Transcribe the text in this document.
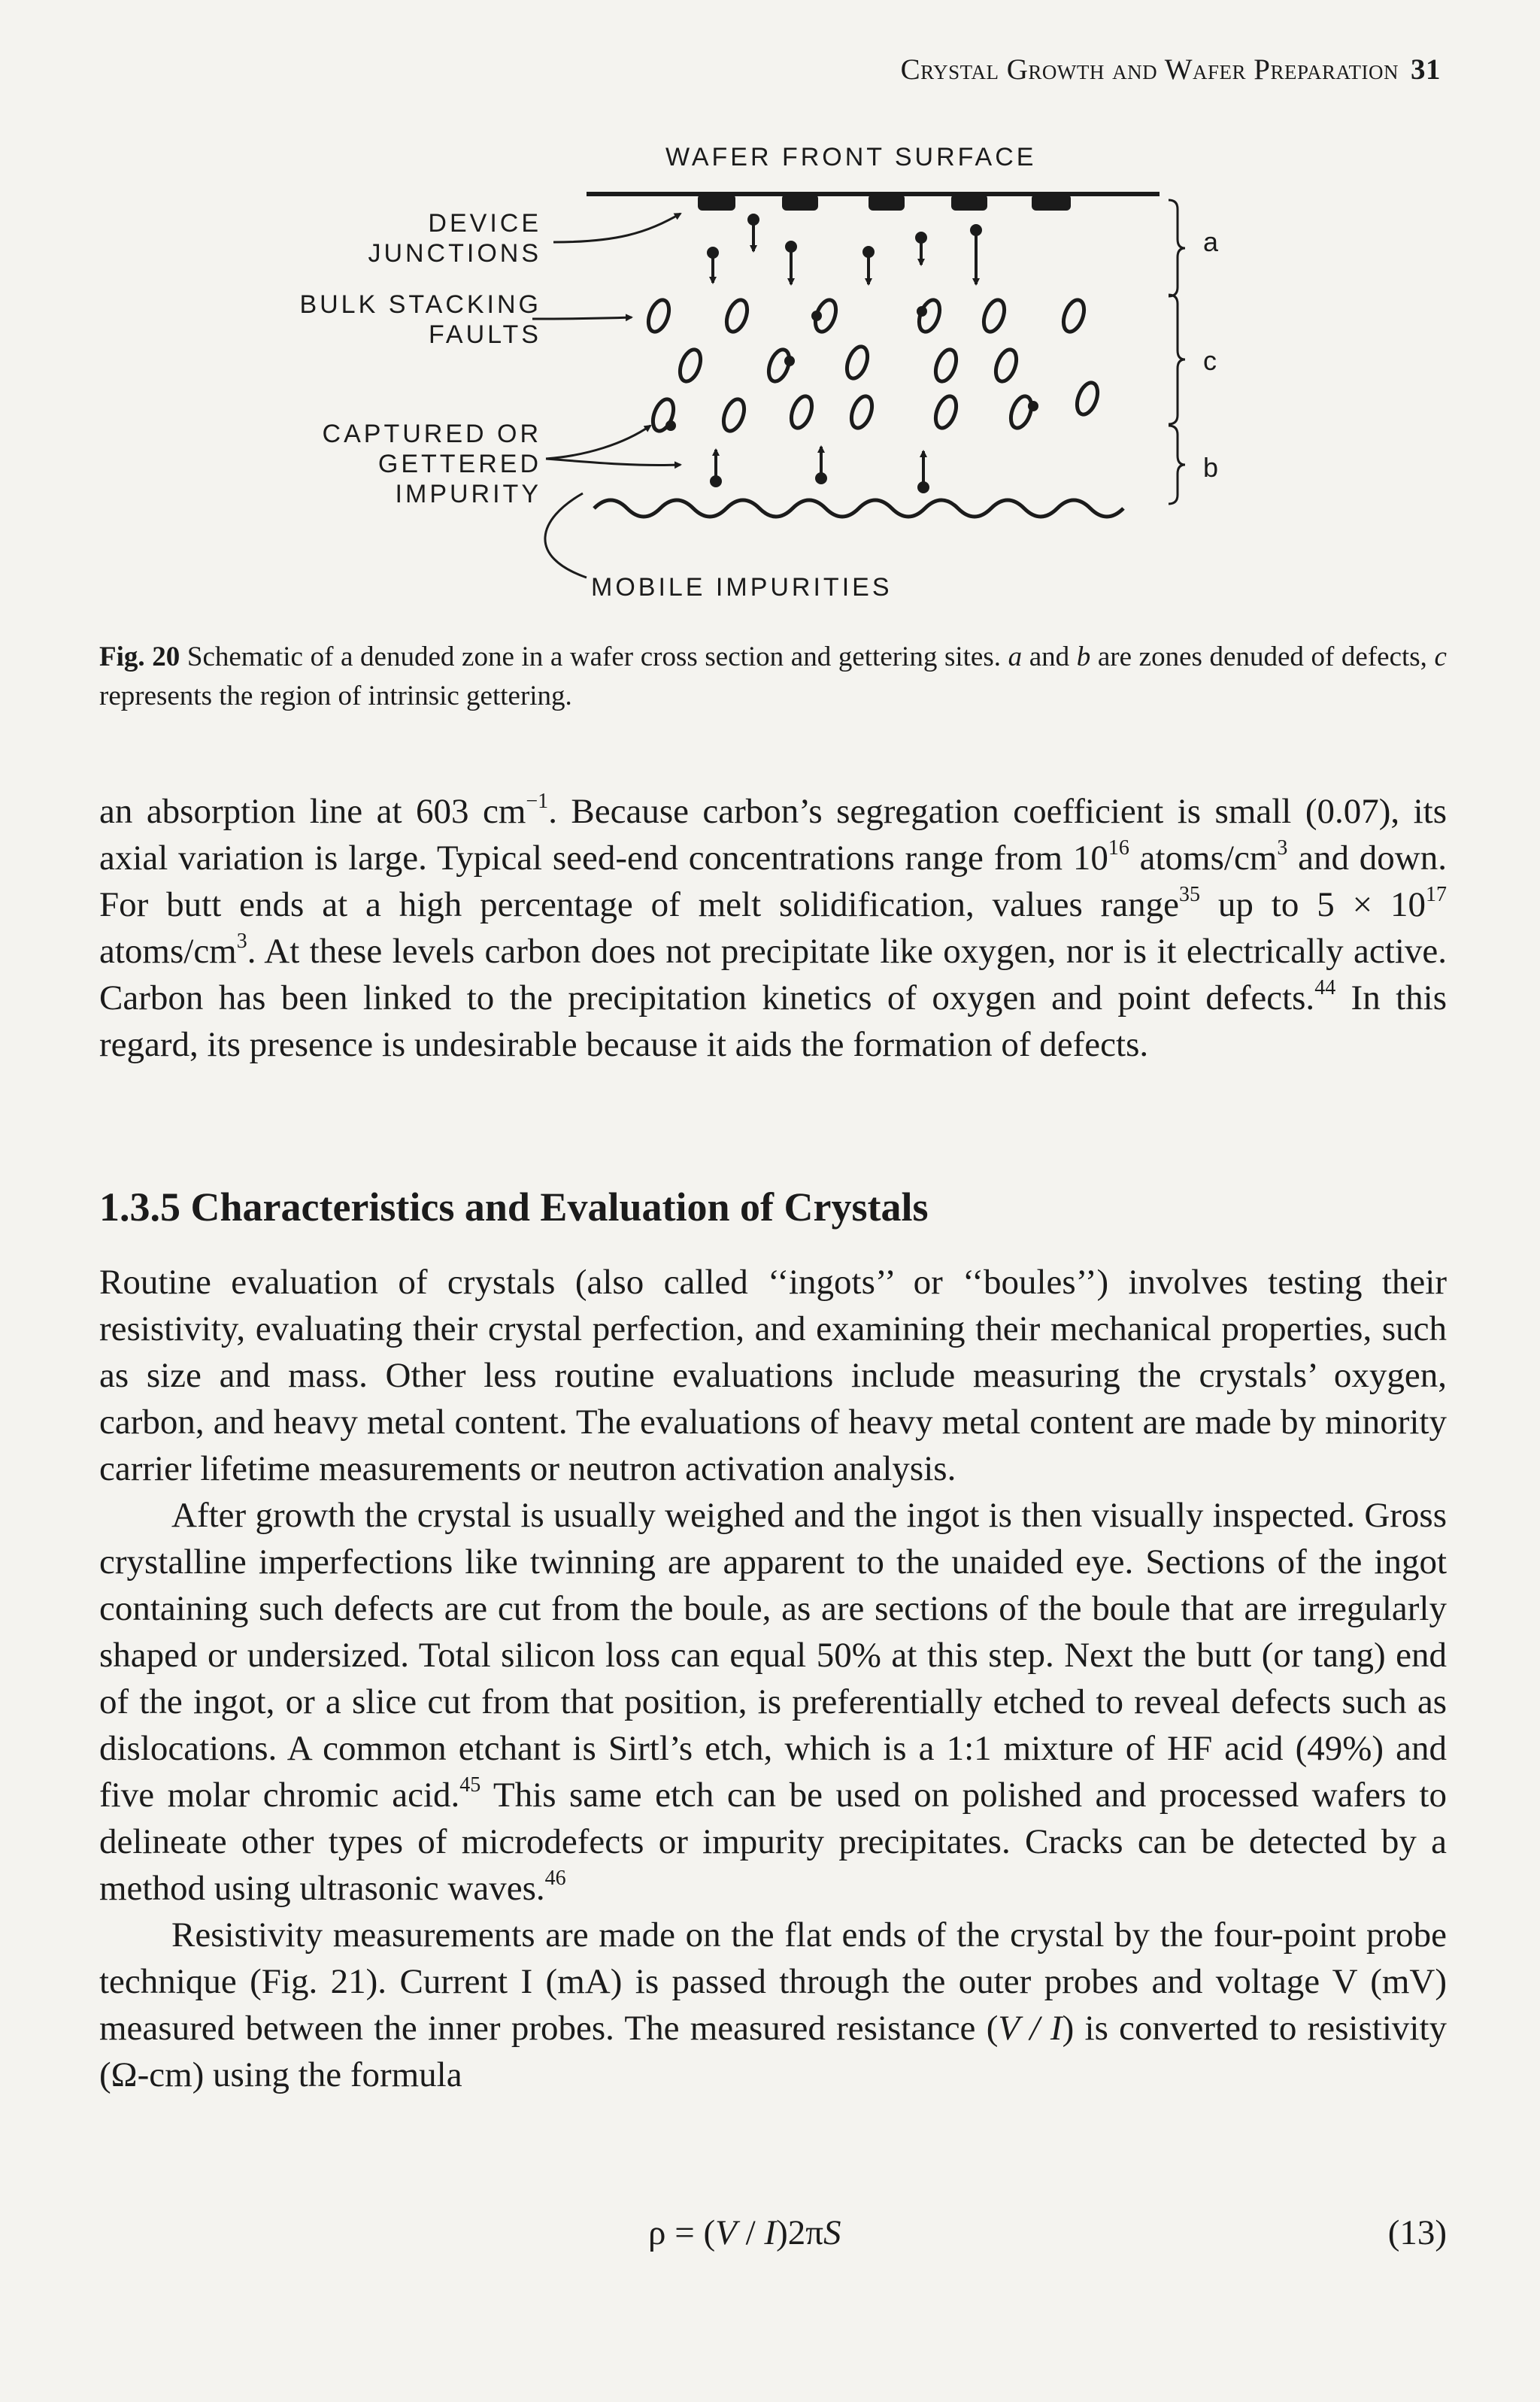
Crystal Growth and Wafer Preparation 31
WAFER FRONT SURFACE
DEVICE
JUNCTIONS
BULK STACKING
FAULTS
CAPTURED OR
GETTERED
IMPURITY
MOBILE IMPURITIES
a
c
b
Fig. 20 Schematic of a denuded zone in a wafer cross section and gettering sites. a and b are zones denuded of defects, c represents the region of intrinsic gettering.

an absorption line at 603 $cm^{-1}$. Because carbon’s segregation coefficient is small (0.07), its axial variation is large. Typical seed-end concentrations range from $10^{16}$ atoms/$cm^3$ and down. For butt ends at a high percentage of melt solidification, values range$^{35}$ up to $5 \times 10^{17}$ atoms/$cm^3$. At these levels carbon does not precipitate like oxygen, nor is it electrically active. Carbon has been linked to the precipitation kinetics of oxygen and point defects.$^{44}$ In this regard, its presence is undesirable because it aids the formation of defects.

1.3.5 Characteristics and Evaluation of Crystals

Routine evaluation of crystals (also called ‘‘ingots’’ or ‘‘boules’’) involves testing their resistivity, evaluating their crystal perfection, and examining their mechanical properties, such as size and mass. Other less routine evaluations include measuring the crystals’ oxygen, carbon, and heavy metal content. The evaluations of heavy metal content are made by minority carrier lifetime measurements or neutron activation analysis.

After growth the crystal is usually weighed and the ingot is then visually inspected. Gross crystalline imperfections like twinning are apparent to the unaided eye. Sections of the ingot containing such defects are cut from the boule, as are sections of the boule that are irregularly shaped or undersized. Total silicon loss can equal 50% at this step. Next the butt (or tang) end of the ingot, or a slice cut from that position, is preferentially etched to reveal defects such as dislocations. A common etchant is Sirtl’s etch, which is a 1:1 mixture of HF acid (49%) and five molar chromic acid.$^{45}$ This same etch can be used on polished and processed wafers to delineate other types of microdefects or impurity precipitates. Cracks can be detected by a method using ultrasonic waves.$^{46}$

Resistivity measurements are made on the flat ends of the crystal by the four-point probe technique (Fig. 21). Current I (mA) is passed through the outer probes and voltage V (mV) measured between the inner probes. The measured resistance (V / I) is converted to resistivity (Ω-cm) using the formula

ρ = (V / I)2πS	(13)
